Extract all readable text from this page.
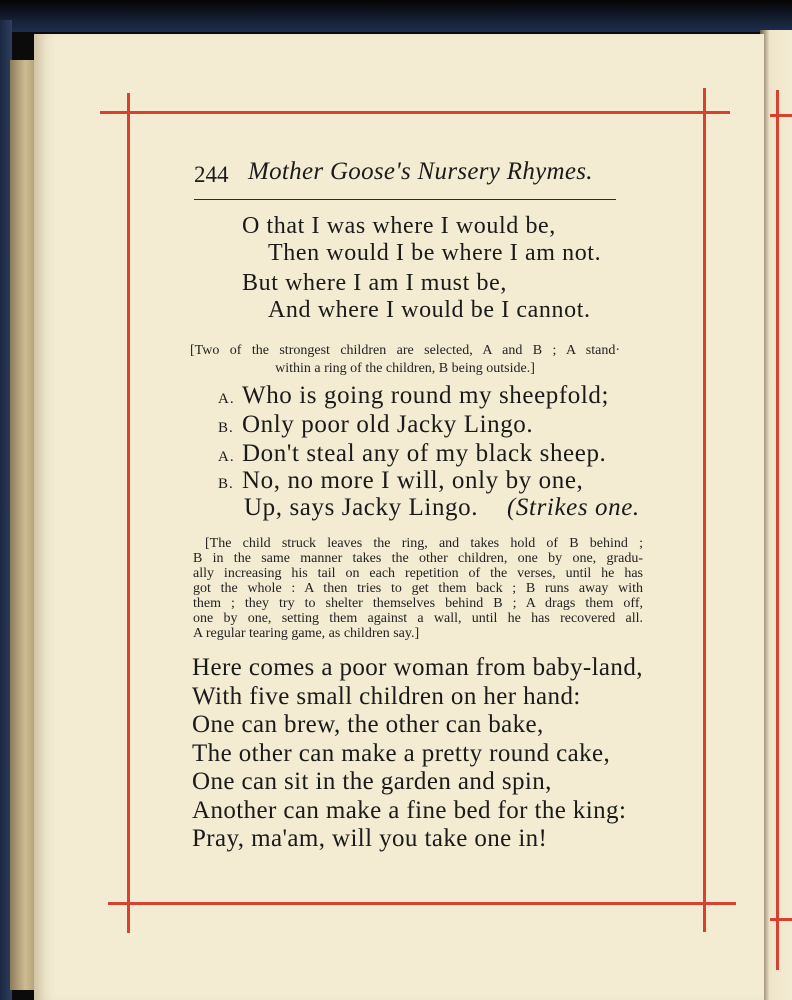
244 Mother Goose's Nursery Rhymes.
O that I was where I would be,
Then would I be where I am not.
But where I am I must be,
And where I would be I cannot.
[Two of the strongest children are selected, A and B ; A stand·
within a ring of the children, B being outside.]
A. Who is going round my sheepfold;
B. Only poor old Jacky Lingo.
A. Don't steal any of my black sheep.
B. No, no more I will, only by one,
Up, says Jacky Lingo. (Strikes one.
[The child struck leaves the ring, and takes hold of B behind ;
B in the same manner takes the other children, one by one, gradu-
ally increasing his tail on each repetition of the verses, until he has
got the whole : A then tries to get them back ; B runs away with
them ; they try to shelter themselves behind B ; A drags them off,
one by one, setting them against a wall, until he has recovered all.
A regular tearing game, as children say.]
Here comes a poor woman from baby-land,
With five small children on her hand:
One can brew, the other can bake,
The other can make a pretty round cake,
One can sit in the garden and spin,
Another can make a fine bed for the king:
Pray, ma'am, will you take one in!
